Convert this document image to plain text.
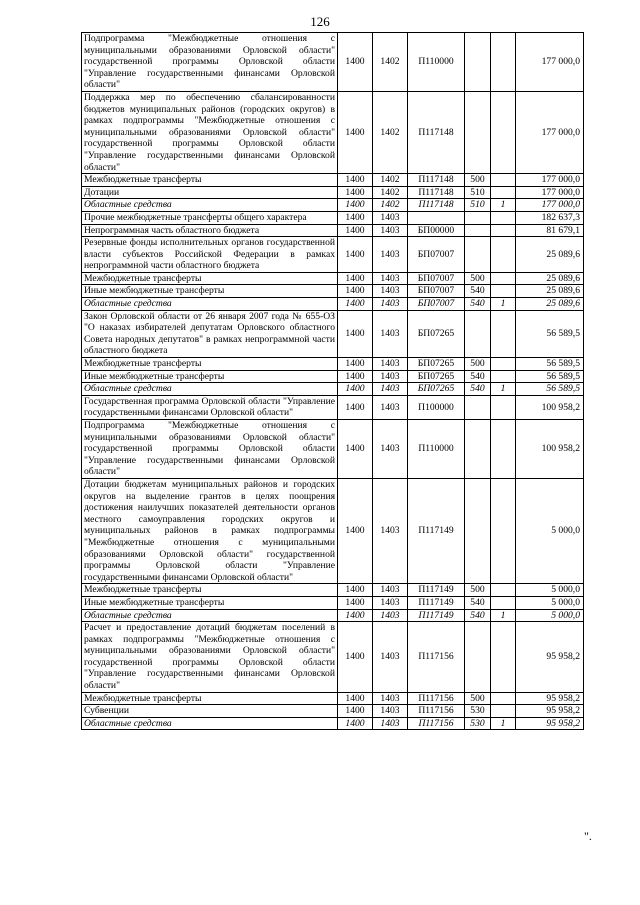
126
Подпрограмма "Межбюджетные отношения с муниципальными образованиями Орловской области" государственной программы Орловской области "Управление государственными финансами Орловской области"	1400	1402	П110000			177 000,0
Поддержка мер по обеспечению сбалансированности бюджетов муниципальных районов (городских округов) в рамках подпрограммы "Межбюджетные отношения с муниципальными образованиями Орловской области" государственной программы Орловской области "Управление государственными финансами Орловской области"	1400	1402	П117148			177 000,0
Межбюджетные трансферты	1400	1402	П117148	500		177 000,0
Дотации	1400	1402	П117148	510		177 000,0
Областные средства	1400	1402	П117148	510	1	177 000,0
Прочие межбюджетные трансферты общего характера	1400	1403				182 637,3
Непрограммная часть областного бюджета	1400	1403	БП00000			81 679,1
Резервные фонды исполнительных органов государственной власти субъектов Российской Федерации в рамках непрограммной части областного бюджета	1400	1403	БП07007			25 089,6
Межбюджетные трансферты	1400	1403	БП07007	500		25 089,6
Иные межбюджетные трансферты	1400	1403	БП07007	540		25 089,6
Областные средства	1400	1403	БП07007	540	1	25 089,6
Закон Орловской области от 26 января 2007 года № 655-ОЗ "О наказах избирателей депутатам Орловского областного Совета народных депутатов" в рамках непрограммной части областного бюджета	1400	1403	БП07265			56 589,5
Межбюджетные трансферты	1400	1403	БП07265	500		56 589,5
Иные межбюджетные трансферты	1400	1403	БП07265	540		56 589,5
Областные средства	1400	1403	БП07265	540	1	56 589,5
Государственная программа Орловской области "Управление государственными финансами Орловской области"	1400	1403	П100000			100 958,2
Подпрограмма "Межбюджетные отношения с муниципальными образованиями Орловской области" государственной программы Орловской области "Управление государственными финансами Орловской области"	1400	1403	П110000			100 958,2
Дотации бюджетам муниципальных районов и городских округов на выделение грантов в целях поощрения достижения наилучших показателей деятельности органов местного самоуправления городских округов и муниципальных районов в рамках подпрограммы "Межбюджетные отношения с муниципальными образованиями Орловской области" государственной программы Орловской области "Управление государственными финансами Орловской области"	1400	1403	П117149			5 000,0
Межбюджетные трансферты	1400	1403	П117149	500		5 000,0
Иные межбюджетные трансферты	1400	1403	П117149	540		5 000,0
Областные средства	1400	1403	П117149	540	1	5 000,0
Расчет и предоставление дотаций бюджетам поселений в рамках подпрограммы "Межбюджетные отношения с муниципальными образованиями Орловской области" государственной программы Орловской области "Управление государственными финансами Орловской области"	1400	1403	П117156			95 958,2
Межбюджетные трансферты	1400	1403	П117156	500		95 958,2
Субвенции	1400	1403	П117156	530		95 958,2
Областные средства	1400	1403	П117156	530	1	95 958,2
".
